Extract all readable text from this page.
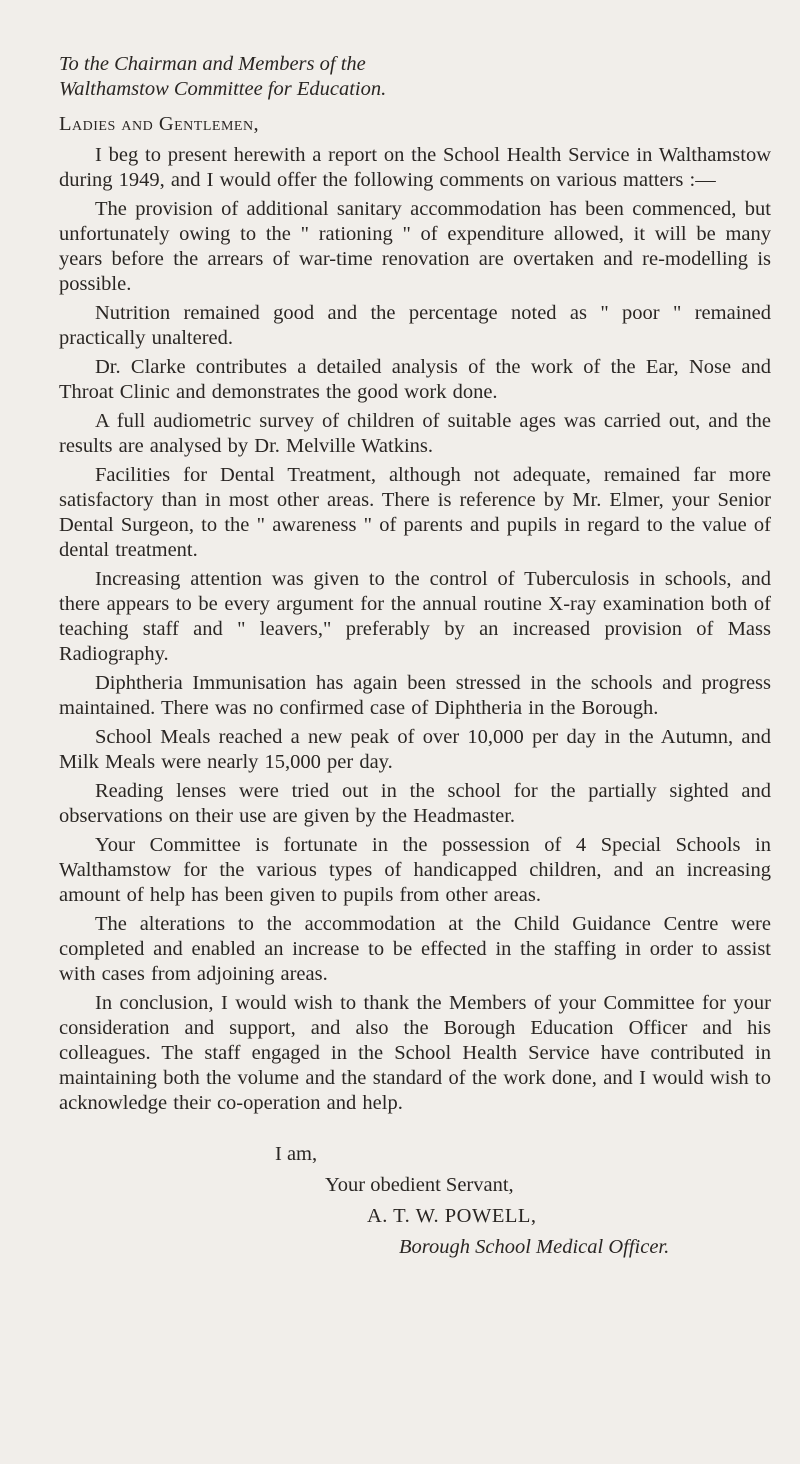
To the Chairman and Members of the
Walthamstow Committee for Education.

Ladies and Gentlemen,

I beg to present herewith a report on the School Health Service in Walthamstow during 1949, and I would offer the following comments on various matters :—

The provision of additional sanitary accommodation has been commenced, but unfortunately owing to the " rationing " of expenditure allowed, it will be many years before the arrears of war-time renovation are overtaken and re-modelling is possible.

Nutrition remained good and the percentage noted as " poor " remained practically unaltered.

Dr. Clarke contributes a detailed analysis of the work of the Ear, Nose and Throat Clinic and demonstrates the good work done.

A full audiometric survey of children of suitable ages was carried out, and the results are analysed by Dr. Melville Watkins.

Facilities for Dental Treatment, although not adequate, remained far more satisfactory than in most other areas. There is reference by Mr. Elmer, your Senior Dental Surgeon, to the " awareness " of parents and pupils in regard to the value of dental treatment.

Increasing attention was given to the control of Tuberculosis in schools, and there appears to be every argument for the annual routine X-ray examination both of teaching staff and " leavers," preferably by an increased provision of Mass Radiography.

Diphtheria Immunisation has again been stressed in the schools and progress maintained. There was no confirmed case of Diphtheria in the Borough.

School Meals reached a new peak of over 10,000 per day in the Autumn, and Milk Meals were nearly 15,000 per day.

Reading lenses were tried out in the school for the partially sighted and observations on their use are given by the Headmaster.

Your Committee is fortunate in the possession of 4 Special Schools in Walthamstow for the various types of handicapped children, and an increasing amount of help has been given to pupils from other areas.

The alterations to the accommodation at the Child Guidance Centre were completed and enabled an increase to be effected in the staffing in order to assist with cases from adjoining areas.

In conclusion, I would wish to thank the Members of your Committee for your consideration and support, and also the Borough Education Officer and his colleagues. The staff engaged in the School Health Service have contributed in maintaining both the volume and the standard of the work done, and I would wish to acknowledge their co-operation and help.

I am,
Your obedient Servant,
A. T. W. POWELL,
Borough School Medical Officer.
